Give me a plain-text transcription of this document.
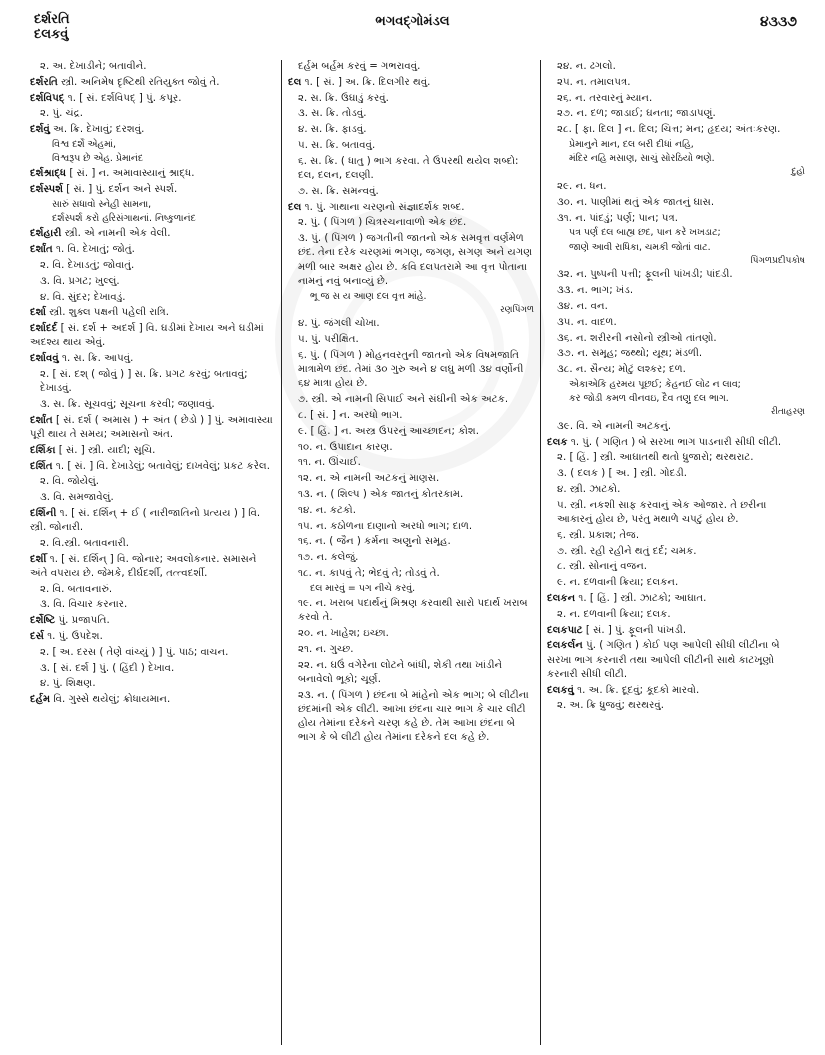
દર્શરતિ
દલકવું
ભગવદ્ગોમંડલ	૪૩૩૭
૨. અ. દેખાડીને; બતાવીને.
દર્શરતિ સ્ત્રી. અનિમેષ દૃષ્ટિથી રતિયુક્ત જોવું તે.
દર્શવિપદ્ ૧. [ સં. દર્શવિપદ્ ] પું. કપૂર.
૨. પું. ચંદ્ર.
દર્શવું અ. ક્રિ. દેખાવું; દરશવું.
વિશ્વ દર્શે એહમાં,
વિશ્વરૂપ છે એહ. પ્રેમાનંદ
દર્શશ્રાદ્ધ [ સં. ] ન. અમાવાસ્યાનું શ્રાદ્ધ.
દર્શસ્પર્શ [ સં. ] પું. દર્શન અને સ્પર્શ.
સારું સધાવો સ્નેહી સામના,
દર્શસ્પર્શ કરો હરિસંગાથનાં. નિષ્કુળાનંદ
દર્શહારી સ્ત્રી. એ નામની એક વેલી.
દર્શાંત ૧. વિ. દેખાતું; જોતું.
૨. વિ. દેખાડતું; જોવાતું.
૩. વિ. પ્રગટ; ખુલ્લું.
૪. વિ. સુંદર; દેખાવડું.
દર્શા સ્ત્રી. શુક્લ પક્ષની પહેલી રાત્રિ.
દર્શાદર્દ [ સં. દર્શ + અદર્શ ] વિ. ઘડીમાં દેખાય અને ઘડીમાં અદશ્ય થાય એવું.
દર્શાવવું ૧. સ. ક્રિ. આપવું.
૨. [ સં. દશ્ ( જોવું ) ] સ. ક્રિ. પ્રગટ કરવું; બતાવવું; દેખાડવું.
૩. સ. ક્રિ. સૂચવવું; સૂચના કરવી; જણાવવું.
દર્શાંત [ સં. દર્શ ( અમાસ ) + અંત ( છેડો ) ] પું. અમાવાસ્યા પૂરી થાય તે સમય; અમાસનો અંત.
દર્શિકા [ સં. ] સ્ત્રી. યાદી; સૂચિ.
દર્શિત ૧. [ સં. ] વિ. દેખાડેલું; બતાવેલું; દાખવેલું; પ્રકટ કરેલ.
૨. વિ. જોયેલું.
૩. વિ. સમજાવેલું.
દર્શિની ૧. [ સં. દર્શિન્ + ઈ ( નારીજાતિનો પ્રત્યય ) ] વિ. સ્ત્રી. જોનારી.
૨. વિ.સ્ત્રી. બતાવનારી.
દર્શી ૧. [ સં. દર્શિન્ ] વિ. જોનાર; અવલોકનાર. સમાસને અંતે વપરાય છે. જેમકે, દીર્ઘદર્શી, તત્ત્વદર્શી.
૨. વિ. બતાવનારું.
૩. વિ. વિચાર કરનાર.
દર્શેષ્ટિ પું. પ્રજાપતિ.
દર્સ ૧. પું. ઉપદેશ.
૨. [ અ. દરસ ( તેણે વાંચ્યું ) ] પું. પાઠ; વાચન.
૩. [ સં. દર્શ ] પું. ( હિંદી ) દેખાવ.
૪. પું. શિક્ષણ.
દર્હમ વિ. ગુસ્સે થયેલું; ક્રોધાયમાન.
દર્હમ બર્હમ કરવું = ગભરાવવું.
દલ ૧. [ સં. ] અ. ક્રિ. દિલગીર થવું.
૨. સ. ક્રિ. ઉઘાડું કરવું.
૩. સ. ક્રિ. તોડવું.
૪. સ. ક્રિ. ફાડવું.
૫. સ. ક્રિ. બતાવવું.
૬. સ. ક્રિ. ( ધાતુ ) ભાગ કરવા. તે ઉપરથી થયેલ શબ્દો: દલ, દલન, દલણી.
૭. સ. ક્રિ. સમન્વવું.
દલ ૧. પું. ગાથાના ચરણનો સંજ્ઞાદર્શક શબ્દ.
૨. પું. ( પિંગળ ) ચિત્રરચનાવાળો એક છંદ.
૩. પું. ( પિંગળ ) જગતીની જાતનો એક સમવૃત્ત વર્ણમેળ છંદ. તેના દરેક ચરણમાં ભગણ, જગણ, સગણ અને યગણ મળી બાર અક્ષર હોય છે. કવિ દલપતરામે આ વૃત્ત પોતાના નામનું નવું બનાવ્યું છે.
ભૂ જ સ ય આણ દલ વૃત્ત માંહે.
રણપિંગળ
૪. પું. જંગલી ચોખા.
૫. પું. પરીક્ષિત.
૬. પું. ( પિંગળ ) મોહનવરતુની જાતનો એક વિષમજાતિ માત્રામેળ છંદ. તેમાં ૩૦ ગુરુ અને ૪ લઘુ મળી ૩૪ વર્ણોની ૬૪ માત્રા હોય છે.
૭. સ્ત્રી. એ નામની સિપાઈ અને સંઘીની એક અટક.
૮. [ સં. ] ન. અરધો ભાગ.
૯. [ હિં. ] ન. અસ્ત્ર ઉપરનું આચ્છાદન; કોશ.
૧૦. ન. ઉપાદાન કારણ.
૧૧. ન. ઊંચાઈ.
૧૨. ન. એ નામની અટકનું માણસ.
૧૩. ન. ( શિલ્પ ) એક જાતનું કોતરકામ.
૧૪. ન. કટકો.
૧૫. ન. કઠોળના દાણાનો અરધો ભાગ; દાળ.
૧૬. ન. ( જૈન ) કર્મના અણુનો સમૂહ.
૧૭. ન. કલેજું.
૧૮. ન. કાપવું તે; ભેદવું તે; તોડવું તે.
દલ મારવું = પગ નીચે કરવું.
૧૯. ન. ખરાબ પદાર્થનું મિશ્રણ કરવાથી સારો પદાર્થ ખરાબ કરવો તે.
૨૦. ન. ખાહેશ; ઇચ્છા.
૨૧. ન. ગુચ્છ.
૨૨. ન. ઘઉં વગેરેના લોટને બાંધી, શેકી તથા ખાંડીને બનાવેલો ભૂકો; ચૂર્ણ.
૨૩. ન. ( પિંગળ ) છંદના બે માંહેનો એક ભાગ; બે લીટીના છંદમાંની એક લીટી. આખા છંદના ચાર ભાગ કે ચાર લીટી હોય તેમાંના દરેકને ચરણ કહે છે. તેમ આખા છંદના બે ભાગ કે બે લીટી હોય તેમાંના દરેકને દલ કહે છે.
૨૪. ન. ઢગલો.
૨૫. ન. તમાલપત્ર.
૨૬. ન. તરવારનું મ્યાન.
૨૭. ન. દળ; જાડાઈ; ઘનતા; જાડાપણું.
૨૮. [ ફા. દિલ ] ન. દિલ; ચિત્ત; મન; હૃદય; અંતઃકરણ.
પ્રેમાનુને માન, દલ બરી દીધાં નહિ,
મંદિર નહિ મસાણ, સાચું સોરઠિયો ભણે.
દુહો
૨૯. ન. ધન.
૩૦. ન. પાણીમાં થતું એક જાતનું ઘાસ.
૩૧. ન. પાંદડું; પર્ણ; પાન; પત્ર.
પત્ર પર્ણ દલ બાહ્ય છદ, પાન કરે ખખડાટ;
જાણે આવી રાધિકા, ચમકી જોતાં વાટ.
પિંગળપ્રદીપકોષ
૩૨. ન. પુષ્પની પત્તી; ફૂલની પાંખડી; પાંદડી.
૩૩. ન. ભાગ; ખંડ.
૩૪. ન. વન.
૩૫. ન. વાદળ.
૩૬. ન. શરીરની નસોનો સ્ત્રીઓ તાંતણો.
૩૭. ન. સમૂહ; જથ્થો; યૂથ; મંડળી.
૩૮. ન. સૈન્ય; મોટું લશ્કર; દળ.
એકાએકિ હરમય પૂછઈ; કેહનઈ લોઢ ન લાવ;
કર જોડી કમળ વીનવઇ, દૈવ તણુ દલ ભાગ.
રીતાહરણ
૩૯. વિ. એ નામની અટકનું.
દલક ૧. પું. ( ગણિત ) બે સરખા ભાગ પાડનારી સીધી લીટી.
૨. [ હિં. ] સ્ત્રી. આઘાતથી થતો ધ્રુજારો; થરથરાટ.
૩. ( દલક ) [ અ. ] સ્ત્રી. ગોદડી.
૪. સ્ત્રી. ઝાટકો.
૫. સ્ત્રી. નકશી સાફ કરવાનું એક ઓજાર. તે છરીના આકારનું હોય છે, પરંતુ મથાળે ચપટું હોય છે.
૬. સ્ત્રી. પ્રકાશ; તેજ.
૭. સ્ત્રી. રહી રહીને થતું દર્દ; ચમક.
૮. સ્ત્રી. સોનાનું વજન.
૯. ન. દળવાની ક્રિયા; દલકન.
દલકન ૧. [ હિં. ] સ્ત્રી. ઝાટકો; આઘાત.
૨. ન. દળવાની ક્રિયા; દલક.
દલકપાટ [ સં. ] પું. ફૂલની પાંખડી.
દલકર્લન પું. ( ગણિત ) કોઈ પણ આપેલી સીધી લીટીના બે સરખા ભાગ કરનારી તથા આપેલી લીટીની સાથે કાટખૂણો કરનારી સીધી લીટી.
દલકવું ૧. અ. ક્રિ. દૂદવું; કૂદકો મારવો.
૨. અ. ક્રિ ધ્રુજવું; થરથરવું.
